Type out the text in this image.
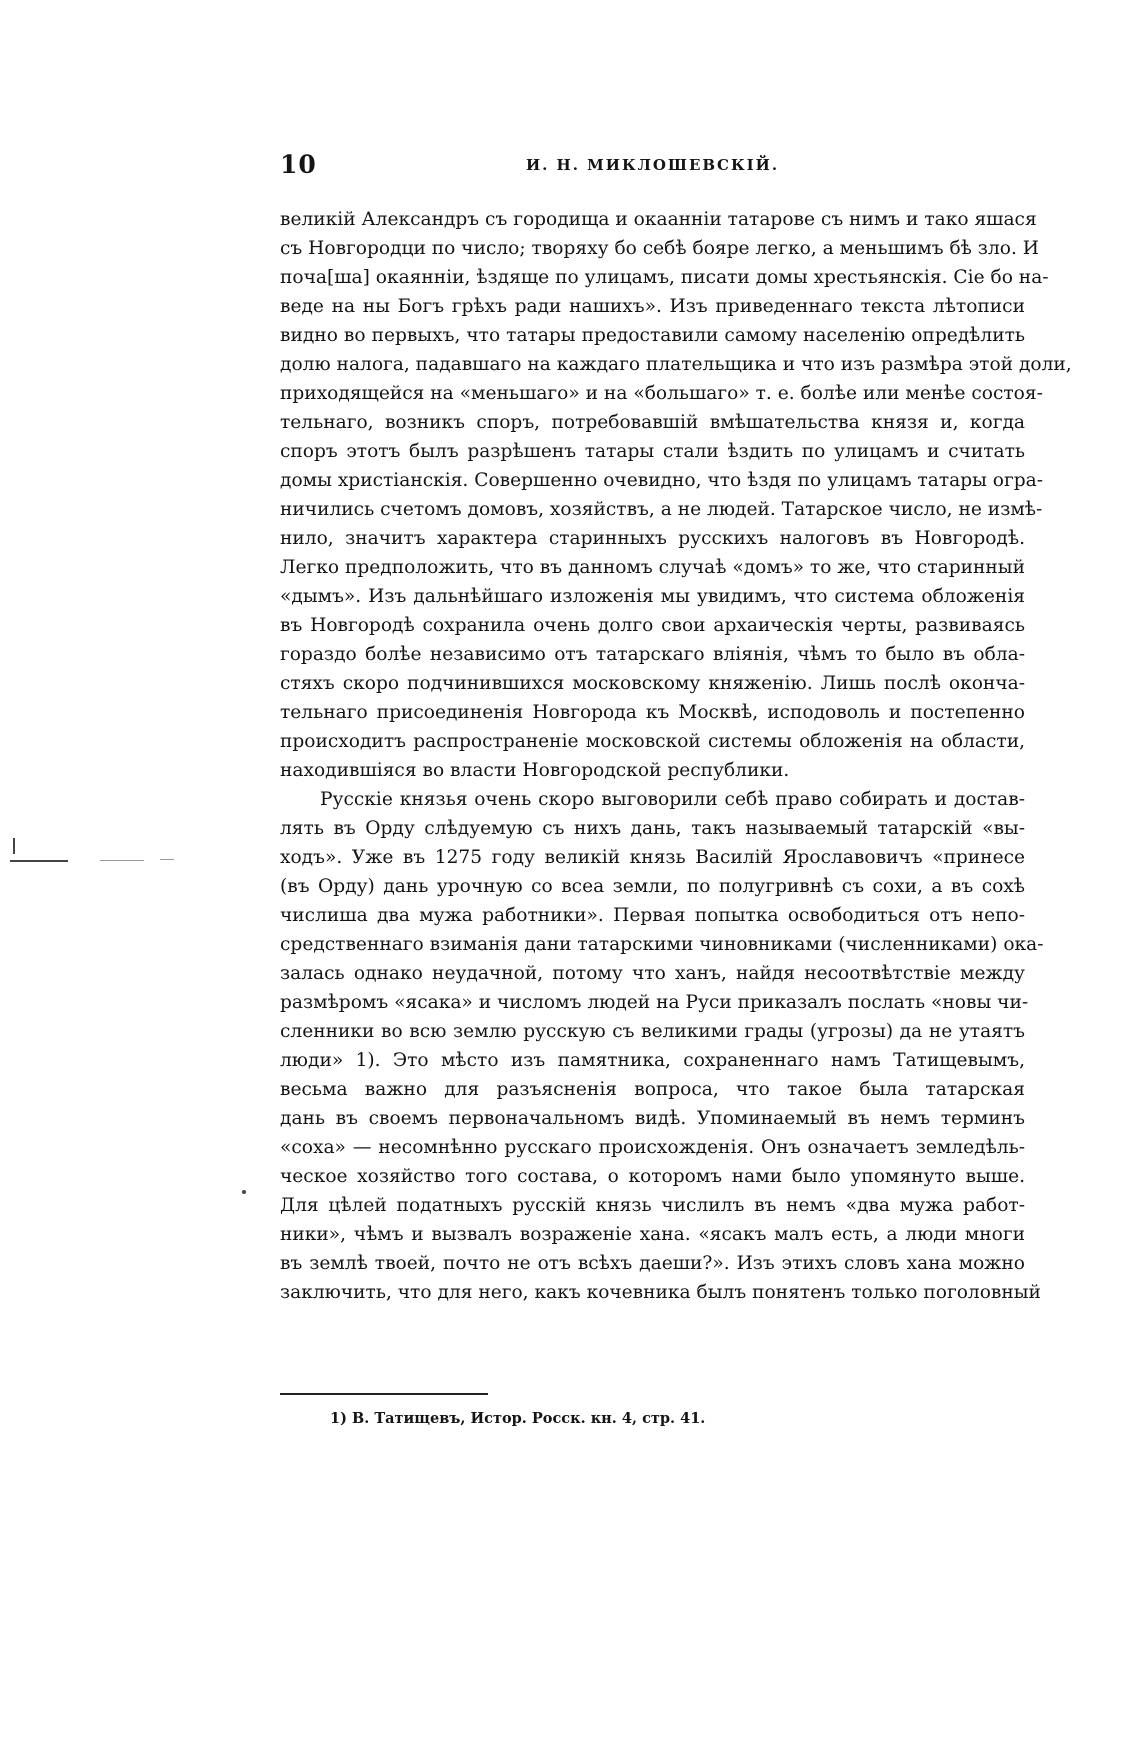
10	И. Н. МИКЛОШЕВСКІЙ.
великій Александръ съ городища и окаанніи татарове съ нимъ и тако яшася
съ Новгородци по число; творяху бо себѣ бояре легко, а меньшимъ бѣ зло. И
поча[ша] окаянніи, ѣздяще по улицамъ, писати домы хрестьянскія. Сіе бо на-
веде на ны Богъ грѣхъ ради нашихъ». Изъ приведеннаго текста лѣтописи
видно во первыхъ, что татары предоставили самому населенію опредѣлить
долю налога, падавшаго на каждаго плательщика и что изъ размѣра этой доли,
приходящейся на «меньшаго» и на «большаго» т. е. болѣе или менѣе состоя-
тельнаго, возникъ споръ, потребовавшій вмѣшательства князя и, когда
споръ этотъ былъ разрѣшенъ татары стали ѣздить по улицамъ и считать
домы христіанскія. Совершенно очевидно, что ѣздя по улицамъ татары огра-
ничились счетомъ домовъ, хозяйствъ, а не людей. Татарское число, не измѣ-
нило, значитъ характера старинныхъ русскихъ налоговъ въ Новгородѣ.
Легко предположить, что въ данномъ случаѣ «домъ» то же, что старинный
«дымъ». Изъ дальнѣйшаго изложенія мы увидимъ, что система обложенія
въ Новгородѣ сохранила очень долго свои архаическія черты, развиваясь
гораздо болѣе независимо отъ татарскаго вліянія, чѣмъ то было въ обла-
стяхъ скоро подчинившихся московскому княженію. Лишь послѣ оконча-
тельнаго присоединенія Новгорода къ Москвѣ, исподоволь и постепенно
происходитъ распространеніе московской системы обложенія на области,
находившіяся во власти Новгородской республики.
Русскіе князья очень скоро выговорили себѣ право собирать и достав-
лять въ Орду слѣдуемую съ нихъ дань, такъ называемый татарскій «вы-
ходъ». Уже въ 1275 году великій князь Василій Ярославовичъ «принесе
(въ Орду) дань урочную со всеа земли, по полугривнѣ съ сохи, а въ сохѣ
числиша два мужа работники». Первая попытка освободиться отъ непо-
средственнаго взиманія дани татарскими чиновниками (численниками) ока-
залась однако неудачной, потому что ханъ, найдя несоотвѣтствіе между
размѣромъ «ясака» и числомъ людей на Руси приказалъ послать «новы чи-
сленники во всю землю русскую съ великими грады (угрозы) да не утаятъ
люди» 1). Это мѣсто изъ памятника, сохраненнаго намъ Татищевымъ,
весьма важно для разъясненія вопроса, что такое была татарская
дань въ своемъ первоначальномъ видѣ. Упоминаемый въ немъ терминъ
«соха» — несомнѣнно русскаго происхожденія. Онъ означаетъ земледѣль-
ческое хозяйство того состава, о которомъ нами было упомянуто выше.
Для цѣлей податныхъ русскій князь числилъ въ немъ «два мужа работ-
ники», чѣмъ и вызвалъ возраженіе хана. «ясакъ малъ есть, а люди многи
въ землѣ твоей, почто не отъ всѣхъ даеши?». Изъ этихъ словъ хана можно
заключить, что для него, какъ кочевника былъ понятенъ только поголовный
1) В. Татищевъ, Истор. Росск. кн. 4, стр. 41.
